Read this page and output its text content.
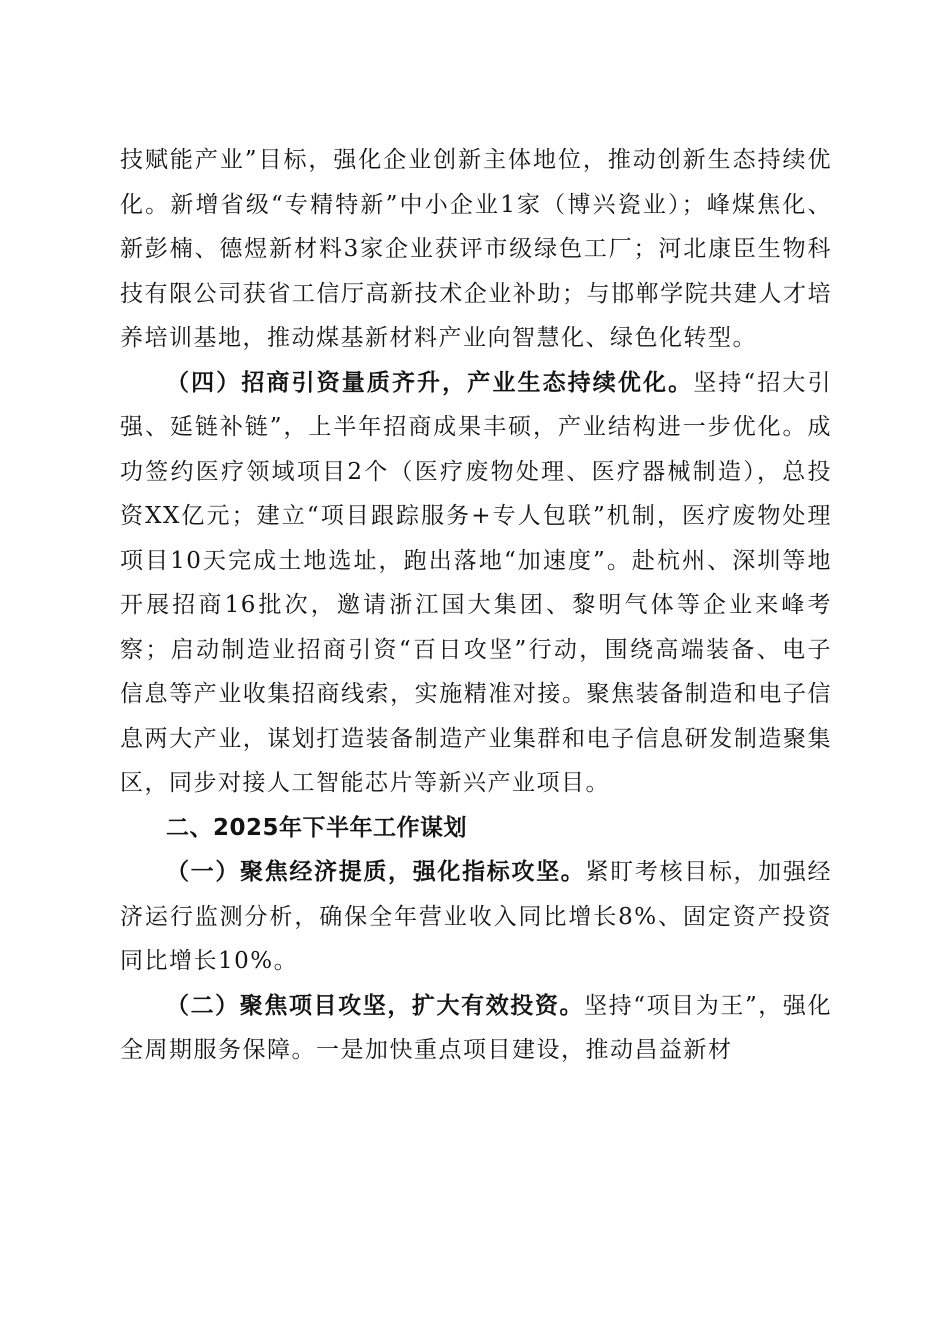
技赋能产业”目标，强化企业创新主体地位，推动创新生态持续优化。新增省级“专精特新”中小企业1家（博兴瓷业）；峰煤焦化、新彭楠、德煜新材料3家企业获评市级绿色工厂；河北康臣生物科技有限公司获省工信厅高新技术企业补助；与邯郸学院共建人才培养培训基地，推动煤基新材料产业向智慧化、绿色化转型。

（四）招商引资量质齐升，产业生态持续优化。坚持“招大引强、延链补链”，上半年招商成果丰硕，产业结构进一步优化。成功签约医疗领域项目2个（医疗废物处理、医疗器械制造），总投资XX亿元；建立“项目跟踪服务+专人包联”机制，医疗废物处理项目10天完成土地选址，跑出落地“加速度”。赴杭州、深圳等地开展招商16批次，邀请浙江国大集团、黎明气体等企业来峰考察；启动制造业招商引资“百日攻坚”行动，围绕高端装备、电子信息等产业收集招商线索，实施精准对接。聚焦装备制造和电子信息两大产业，谋划打造装备制造产业集群和电子信息研发制造聚集区，同步对接人工智能芯片等新兴产业项目。

二、2025年下半年工作谋划

（一）聚焦经济提质，强化指标攻坚。紧盯考核目标，加强经济运行监测分析，确保全年营业收入同比增长8%、固定资产投资同比增长10%。

（二）聚焦项目攻坚，扩大有效投资。坚持“项目为王”，强化全周期服务保障。一是加快重点项目建设，推动昌益新材
